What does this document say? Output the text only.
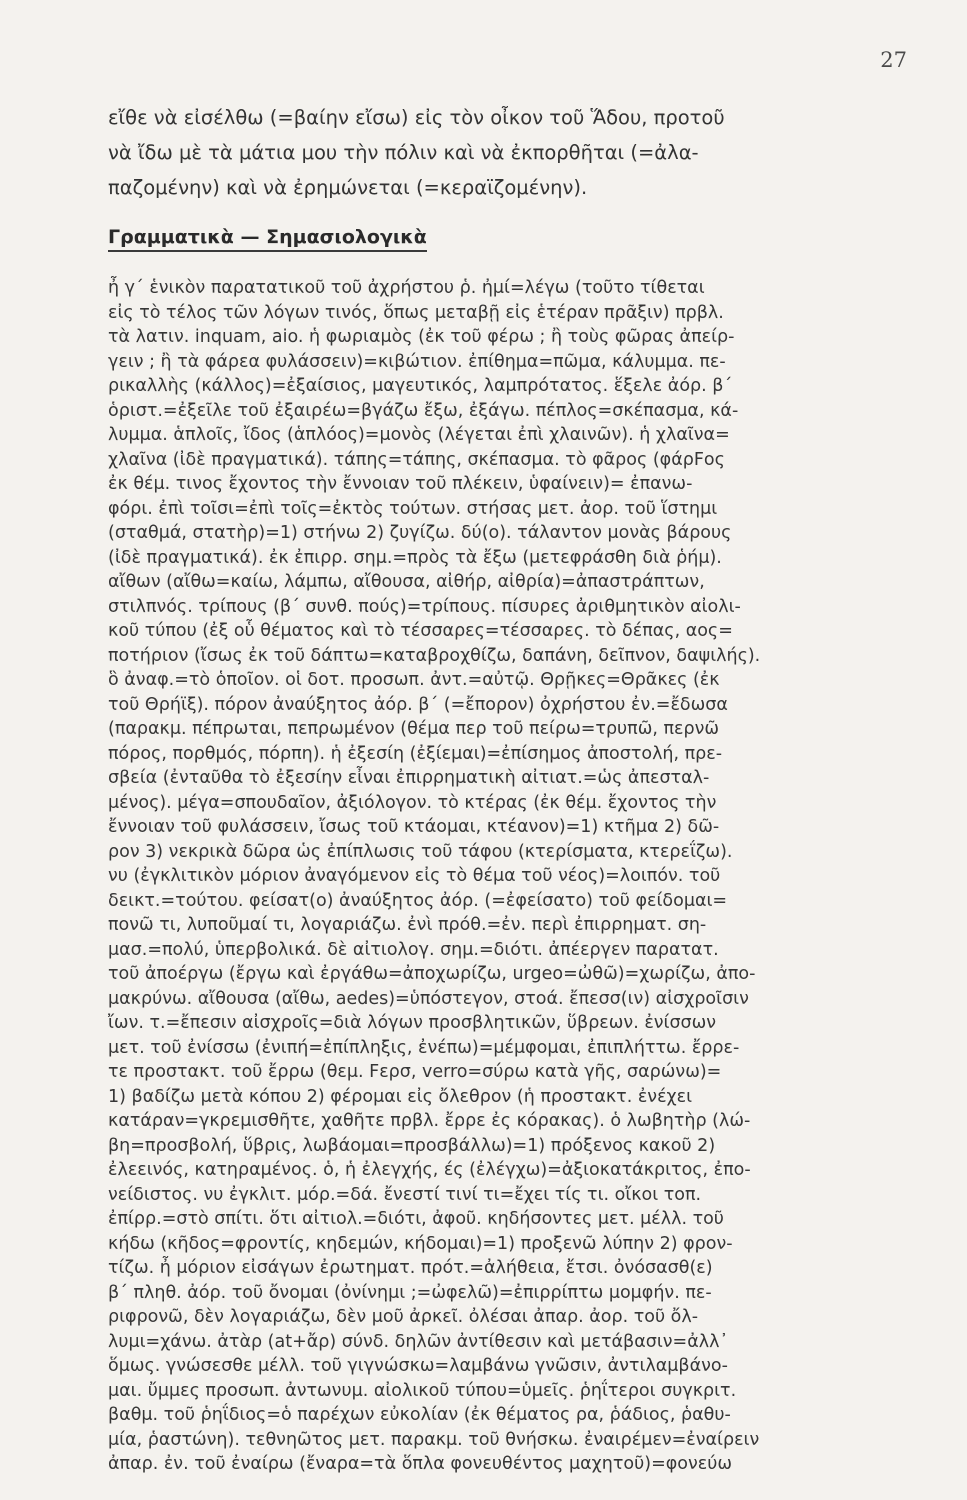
27
εἴθε νὰ εἰσέλθω (=βαίην εἴσω) εἰς τὸν οἶκον τοῦ Ἅδου, προτοῦ
νὰ ἴδω μὲ τὰ μάτια μου τὴν πόλιν καὶ νὰ ἐκπορθῆται (=ἀλα-
παζομένην) καὶ νὰ ἐρημώνεται (=κεραϊζομένην).
Γραμματικὰ — Σημασιολογικὰ
ἦ γ΄ ἑνικὸν παρατατικοῦ τοῦ ἀχρήστου ῥ. ἠμί=λέγω (τοῦτο τίθεται
εἰς τὸ τέλος τῶν λόγων τινός, ὅπως μεταβῇ εἰς ἑτέραν πρᾶξιν) πρβλ.
τὰ λατιν. inquam, aio. ἡ φωριαμὸς (ἐκ τοῦ φέρω ; ἢ τοὺς φῶρας ἀπείρ-
γειν ; ἢ τὰ φάρεα φυλάσσειν)=κιβώτιον. ἐπίθημα=πῶμα, κάλυμμα. πε-
ρικαλλὴς (κάλλος)=ἐξαίσιος, μαγευτικός, λαμπρότατος. ἕξελε ἀόρ. β΄
ὁριστ.=ἐξεῖλε τοῦ ἐξαιρέω=βγάζω ἔξω, ἐξάγω. πέπλος=σκέπασμα, κά-
λυμμα. ἁπλοῖς, ἴδος (ἁπλόος)=μονὸς (λέγεται ἐπὶ χλαινῶν). ἡ χλαῖνα=
χλαῖνα (ἰδὲ πραγματικά). τάπης=τάπης, σκέπασμα. τὸ φᾶρος (φάρFος
ἐκ θέμ. τινος ἔχοντος τὴν ἔννοιαν τοῦ πλέκειν, ὑφαίνειν)= ἐπανω-
φόρι. ἐπὶ τοῖσι=ἐπὶ τοῖς=ἐκτὸς τούτων. στήσας μετ. ἀορ. τοῦ ἵστημι
(σταθμά, στατὴρ)=1) στήνω 2) ζυγίζω. δύ(ο). τάλαντον μονὰς βάρους
(ἰδὲ πραγματικά). ἐκ ἐπιρρ. σημ.=πρὸς τὰ ἔξω (μετεφράσθη διὰ ῥήμ).
αἴθων (αἴθω=καίω, λάμπω, αἴθουσα, αἰθήρ, αἰθρία)=ἀπαστράπτων,
στιλπνός. τρίπους (β΄ συνθ. πούς)=τρίπους. πίσυρες ἀριθμητικὸν αἰολι-
κοῦ τύπου (ἐξ οὗ θέματος καὶ τὸ τέσσαρες=τέσσαρες. τὸ δέπας, αος=
ποτήριον (ἴσως ἐκ τοῦ δάπτω=καταβροχθίζω, δαπάνη, δεῖπνον, δαψιλής).
ὃ ἀναφ.=τὸ ὁποῖον. οἱ δοτ. προσωπ. ἀντ.=αὐτῷ. Θρῇκες=Θρᾶκες (ἐκ
τοῦ Θρήϊξ). πόρον ἀναύξητος ἀόρ. β΄ (=ἔπορον) ὀχρήστου ἐν.=ἔδωσα
(παρακμ. πέπρωται, πεπρωμένον (θέμα περ τοῦ πείρω=τρυπῶ, περνῶ
πόρος, πορθμός, πόρπη). ἡ ἐξεσίη (ἐξίεμαι)=ἐπίσημος ἀποστολή, πρε-
σβεία (ἐνταῦθα τὸ ἐξεσίην εἶναι ἐπιρρηματικὴ αἰτιατ.=ὡς ἀπεσταλ-
μένος). μέγα=σπουδαῖον, ἀξιόλογον. τὸ κτέρας (ἐκ θέμ. ἔχοντος τὴν
ἔννοιαν τοῦ φυλάσσειν, ἴσως τοῦ κτάομαι, κτέανον)=1) κτῆμα 2) δῶ-
ρον 3) νεκρικὰ δῶρα ὡς ἐπίπλωσις τοῦ τάφου (κτερίσματα, κτερεΐζω).
νυ (ἐγκλιτικὸν μόριον ἀναγόμενον εἰς τὸ θέμα τοῦ νέος)=λοιπόν. τοῦ
δεικτ.=τούτου. φείσατ(ο) ἀναύξητος ἀόρ. (=ἐφείσατο) τοῦ φείδομαι=
πονῶ τι, λυποῦμαί τι, λογαριάζω. ἐνὶ πρόθ.=ἐν. περὶ ἐπιρρηματ. ση-
μασ.=πολύ, ὑπερβολικά. δὲ αἰτιολογ. σημ.=διότι. ἀπέεργεν παρατατ.
τοῦ ἀποέργω (ἔργω καὶ ἐργάθω=ἀποχωρίζω, urgeo=ὠθῶ)=χωρίζω, ἀπο-
μακρύνω. αἴθουσα (αἴθω, aedes)=ὑπόστεγον, στοά. ἔπεσσ(ιν) αἰσχροῖσιν
ἴων. τ.=ἔπεσιν αἰσχροῖς=διὰ λόγων προσβλητικῶν, ὕβρεων. ἐνίσσων
μετ. τοῦ ἐνίσσω (ἐνιπή=ἐπίπληξις, ἐνέπω)=μέμφομαι, ἐπιπλήττω. ἔρρε-
τε προστακτ. τοῦ ἔρρω (θεμ. Fερσ, verro=σύρω κατὰ γῆς, σαρώνω)=
1) βαδίζω μετὰ κόπου 2) φέρομαι εἰς ὄλεθρον (ἡ προστακτ. ἐνέχει
κατάραν=γκρεμισθῆτε, χαθῆτε πρβλ. ἔρρε ἐς κόρακας). ὁ λωβητὴρ (λώ-
βη=προσβολή, ὕβρις, λωβάομαι=προσβάλλω)=1) πρόξενος κακοῦ 2)
ἐλεεινός, κατηραμένος. ὁ, ἡ ἐλεγχής, ές (ἐλέγχω)=ἀξιοκατάκριτος, ἐπο-
νείδιστος. νυ ἐγκλιτ. μόρ.=δά. ἔνεστί τινί τι=ἔχει τίς τι. οἴκοι τοπ.
ἐπίρρ.=στὸ σπίτι. ὅτι αἰτιολ.=διότι, ἀφοῦ. κηδήσοντες μετ. μέλλ. τοῦ
κήδω (κῆδος=φροντίς, κηδεμών, κήδομαι)=1) προξενῶ λύπην 2) φρον-
τίζω. ἦ μόριον εἰσάγων ἐρωτηματ. πρότ.=ἀλήθεια, ἔτσι. ὀνόσασθ(ε)
β΄ πληθ. ἀόρ. τοῦ ὄνομαι (ὀνίνημι ;=ὠφελῶ)=ἐπιρρίπτω μομφήν. πε-
ριφρονῶ, δὲν λογαριάζω, δὲν μοῦ ἀρκεῖ. ὀλέσαι ἀπαρ. ἀορ. τοῦ ὄλ-
λυμι=χάνω. ἀτὰρ (at+ἄρ) σύνδ. δηλῶν ἀντίθεσιν καὶ μετάβασιν=ἀλλ᾽
ὅμως. γνώσεσθε μέλλ. τοῦ γιγνώσκω=λαμβάνω γνῶσιν, ἀντιλαμβάνο-
μαι. ὔμμες προσωπ. ἀντωνυμ. αἰολικοῦ τύπου=ὑμεῖς. ῥηΐτεροι συγκριτ.
βαθμ. τοῦ ῥηΐδιος=ὁ παρέχων εὐκολίαν (ἐκ θέματος ρα, ῥάδιος, ῥαθυ-
μία, ῥαστώνη). τεθνηῶτος μετ. παρακμ. τοῦ θνήσκω. ἐναιρέμεν=ἐναίρειν
ἀπαρ. ἐν. τοῦ ἐναίρω (ἔναρα=τὰ ὅπλα φονευθέντος μαχητοῦ)=φονεύω
